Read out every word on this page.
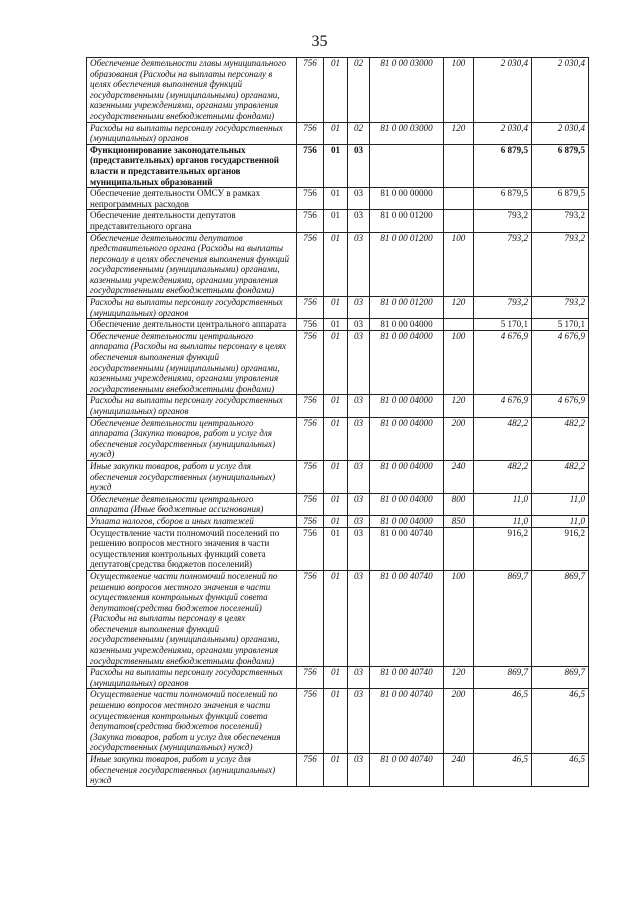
35
Обеспечение деятельности главы муниципального образования (Расходы на выплаты персоналу в целях обеспечения выполнения функций государственными (муниципальными) органами, казенными учреждениями, органами управления государственными внебюджетными фондами)	756	01	02	81 0 00 03000	100	2 030,4	2 030,4
Расходы на выплаты персоналу государственных (муниципальных) органов	756	01	02	81 0 00 03000	120	2 030,4	2 030,4
Функционирование законодательных (представительных) органов государственной власти и представительных органов муниципальных образований	756	01	03			6 879,5	6 879,5
Обеспечение деятельности ОМСУ в рамках непрограммных расходов	756	01	03	81 0 00 00000		6 879,5	6 879,5
Обеспечение деятельности депутатов представительного органа	756	01	03	81 0 00 01200		793,2	793,2
Обеспечение деятельности депутатов представительного органа (Расходы на выплаты персоналу в целях обеспечения выполнения функций государственными (муниципальными) органами, казенными учреждениями, органами управления государственными внебюджетными фондами)	756	01	03	81 0 00 01200	100	793,2	793,2
Расходы на выплаты персоналу государственных (муниципальных) органов	756	01	03	81 0 00 01200	120	793,2	793,2
Обеспечение деятельности центрального аппарата	756	01	03	81 0 00 04000		5 170,1	5 170,1
Обеспечение деятельности центрального аппарата (Расходы на выплаты персоналу в целях обеспечения выполнения функций государственными (муниципальными) органами, казенными учреждениями, органами управления государственными внебюджетными фондами)	756	01	03	81 0 00 04000	100	4 676,9	4 676,9
Расходы на выплаты персоналу государственных (муниципальных) органов	756	01	03	81 0 00 04000	120	4 676,9	4 676,9
Обеспечение деятельности центрального аппарата (Закупка товаров, работ и услуг для обеспечения государственных (муниципальных) нужд)	756	01	03	81 0 00 04000	200	482,2	482,2
Иные закупки товаров, работ и услуг для обеспечения государственных (муниципальных) нужд	756	01	03	81 0 00 04000	240	482,2	482,2
Обеспечение деятельности центрального аппарата (Иные бюджетные ассигнования)	756	01	03	81 0 00 04000	800	11,0	11,0
Уплата налогов, сборов и иных платежей	756	01	03	81 0 00 04000	850	11,0	11,0
Осуществление части полномочий поселений по решению вопросов местного значения в части осуществления контрольных функций совета депутатов(средства бюджетов поселений)	756	01	03	81 0 00 40740		916,2	916,2
Осуществление части полномочий поселений по решению вопросов местного значения в части осуществления контрольных функций совета депутатов(средства бюджетов поселений) (Расходы на выплаты персоналу в целях обеспечения выполнения функций государственными (муниципальными) органами, казенными учреждениями, органами управления государственными внебюджетными фондами)	756	01	03	81 0 00 40740	100	869,7	869,7
Расходы на выплаты персоналу государственных (муниципальных) органов	756	01	03	81 0 00 40740	120	869,7	869,7
Осуществление части полномочий поселений по решению вопросов местного значения в части осуществления контрольных функций совета депутатов(средства бюджетов поселений) (Закупка товаров, работ и услуг для обеспечения государственных (муниципальных) нужд)	756	01	03	81 0 00 40740	200	46,5	46,5
Иные закупки товаров, работ и услуг для обеспечения государственных (муниципальных) нужд	756	01	03	81 0 00 40740	240	46,5	46,5
